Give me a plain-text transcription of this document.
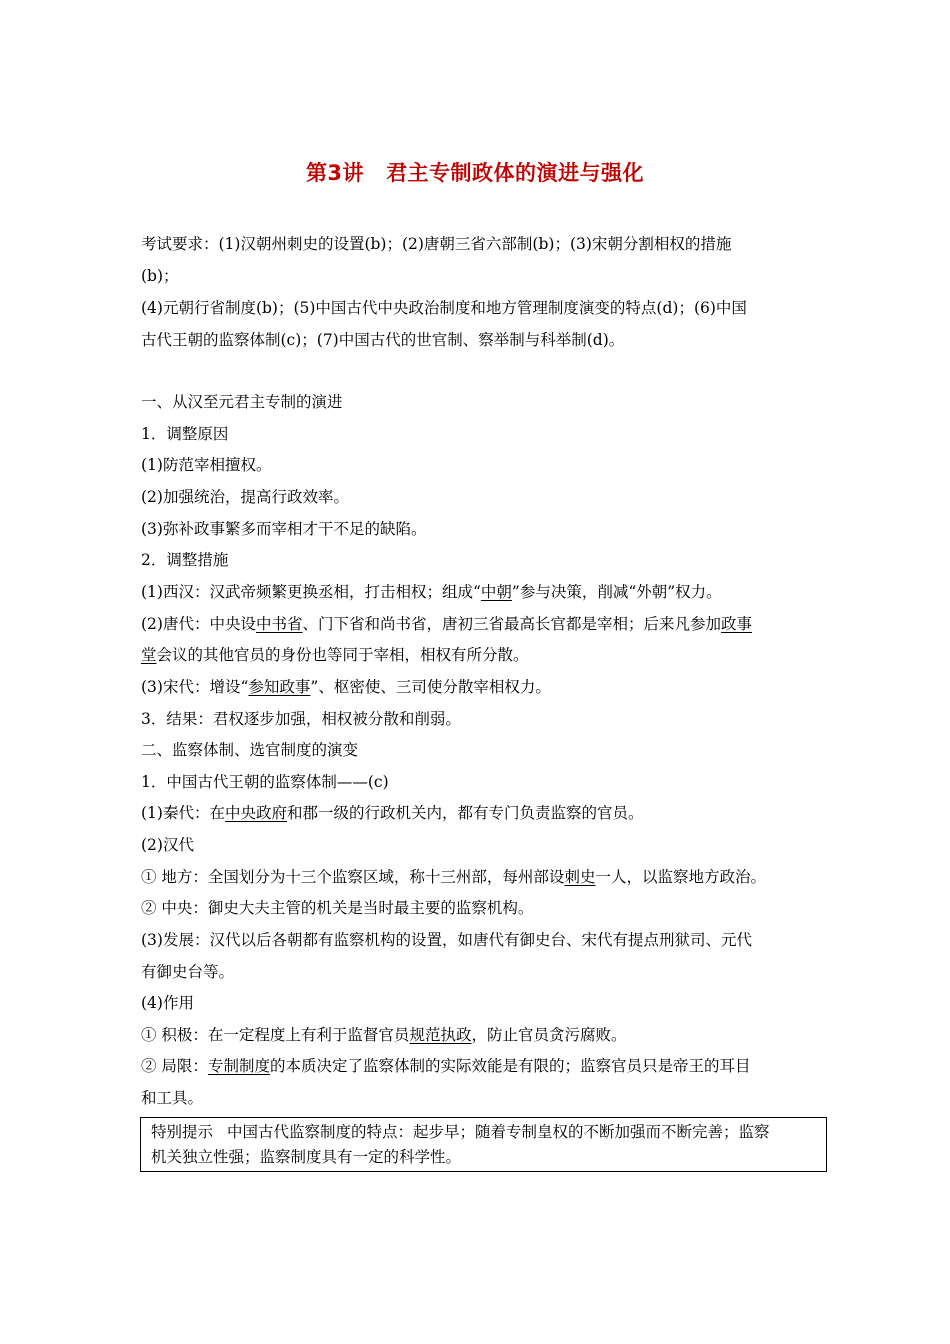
第3讲 君主专制政体的演进与强化
考试要求：(1)汉朝州刺史的设置(b)；(2)唐朝三省六部制(b)；(3)宋朝分割相权的措施
(b)；
(4)元朝行省制度(b)；(5)中国古代中央政治制度和地方管理制度演变的特点(d)；(6)中国
古代王朝的监察体制(c)；(7)中国古代的世官制、察举制与科举制(d)。
一、从汉至元君主专制的演进
1．调整原因
(1)防范宰相擅权。
(2)加强统治，提高行政效率。
(3)弥补政事繁多而宰相才干不足的缺陷。
2．调整措施
(1)西汉：汉武帝频繁更换丞相，打击相权；组成“中朝”参与决策，削减“外朝”权力。
(2)唐代：中央设中书省、门下省和尚书省，唐初三省最高长官都是宰相；后来凡参加政事
堂会议的其他官员的身份也等同于宰相，相权有所分散。
(3)宋代：增设“参知政事”、枢密使、三司使分散宰相权力。
3．结果：君权逐步加强，相权被分散和削弱。
二、监察体制、选官制度的演变
1．中国古代王朝的监察体制——(c)
(1)秦代：在中央政府和郡一级的行政机关内，都有专门负责监察的官员。
(2)汉代
① 地方：全国划分为十三个监察区域，称十三州部，每州部设刺史一人，以监察地方政治。
② 中央：御史大夫主管的机关是当时最主要的监察机构。
(3)发展：汉代以后各朝都有监察机构的设置，如唐代有御史台、宋代有提点刑狱司、元代
有御史台等。
(4)作用
① 积极：在一定程度上有利于监督官员规范执政，防止官员贪污腐败。
② 局限：专制制度的本质决定了监察体制的实际效能是有限的；监察官员只是帝王的耳目
和工具。
特别提示 中国古代监察制度的特点：起步早；随着专制皇权的不断加强而不断完善；监察
机关独立性强；监察制度具有一定的科学性。
